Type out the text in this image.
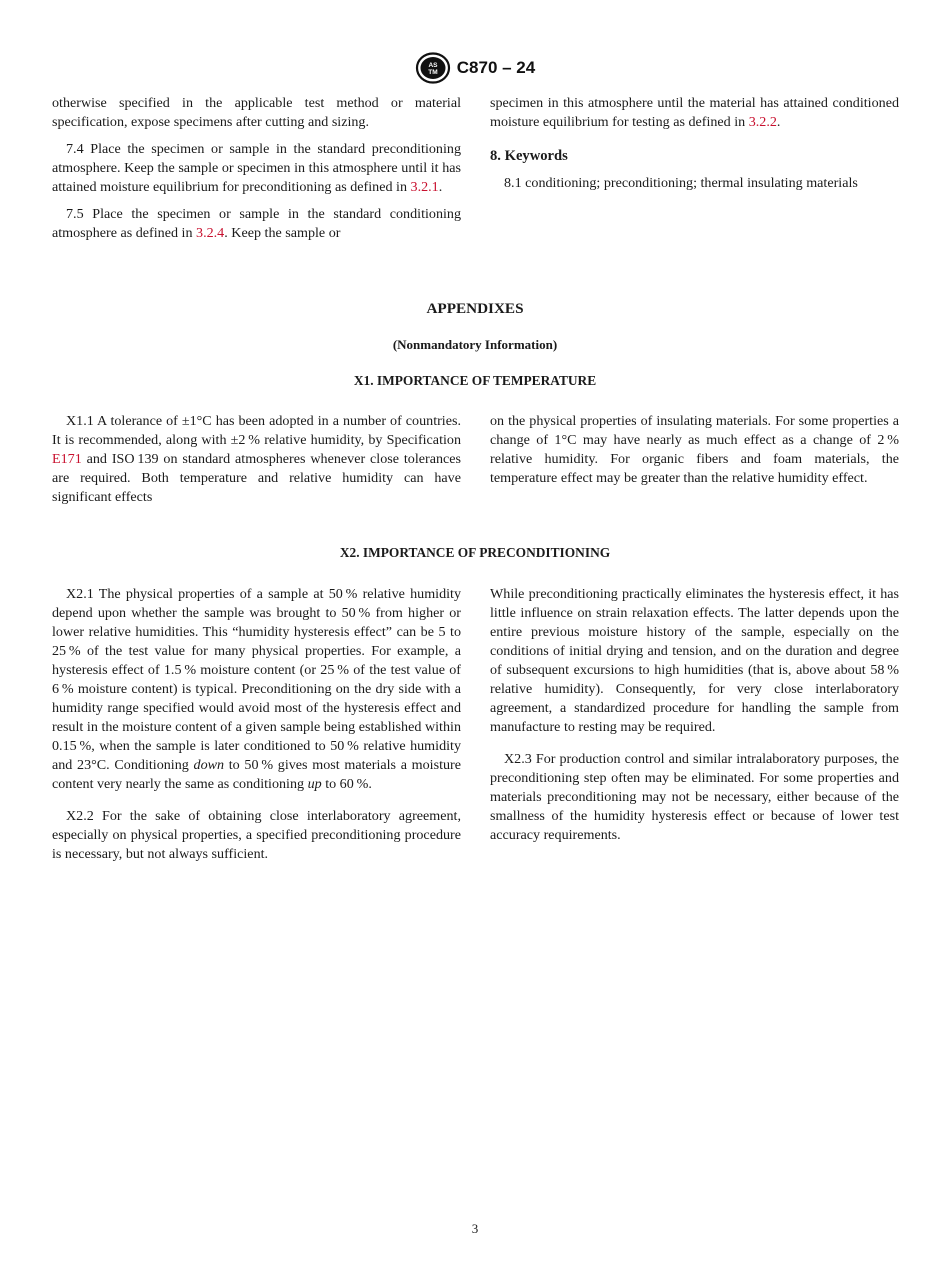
AS
TM C870 – 24

otherwise specified in the applicable test method or material specification, expose specimens after cutting and sizing.

7.4 Place the specimen or sample in the standard preconditioning atmosphere. Keep the sample or specimen in this atmosphere until it has attained moisture equilibrium for preconditioning as defined in 3.2.1.

7.5 Place the specimen or sample in the standard conditioning atmosphere as defined in 3.2.4. Keep the sample or

specimen in this atmosphere until the material has attained conditioned moisture equilibrium for testing as defined in 3.2.2.

8. Keywords

8.1 conditioning; preconditioning; thermal insulating materials

APPENDIXES
(Nonmandatory Information)
X1. IMPORTANCE OF TEMPERATURE

X1.1 A tolerance of ±1°C has been adopted in a number of countries. It is recommended, along with ±2 % relative humidity, by Specification E171 and ISO 139 on standard atmospheres whenever close tolerances are required. Both temperature and relative humidity can have significant effects

on the physical properties of insulating materials. For some properties a change of 1°C may have nearly as much effect as a change of 2 % relative humidity. For organic fibers and foam materials, the temperature effect may be greater than the relative humidity effect.

X2. IMPORTANCE OF PRECONDITIONING

X2.1 The physical properties of a sample at 50 % relative humidity depend upon whether the sample was brought to 50 % from higher or lower relative humidities. This “humidity hysteresis effect” can be 5 to 25 % of the test value for many physical properties. For example, a hysteresis effect of 1.5 % moisture content (or 25 % of the test value of 6 % moisture content) is typical. Preconditioning on the dry side with a humidity range specified would avoid most of the hysteresis effect and result in the moisture content of a given sample being established within 0.15 %, when the sample is later conditioned to 50 % relative humidity and 23°C. Conditioning down to 50 % gives most materials a moisture content very nearly the same as conditioning up to 60 %.

X2.2 For the sake of obtaining close interlaboratory agreement, especially on physical properties, a specified preconditioning procedure is necessary, but not always sufficient.

While preconditioning practically eliminates the hysteresis effect, it has little influence on strain relaxation effects. The latter depends upon the entire previous moisture history of the sample, especially on the conditions of initial drying and tension, and on the duration and degree of subsequent excursions to high humidities (that is, above about 58 % relative humidity). Consequently, for very close interlaboratory agreement, a standardized procedure for handling the sample from manufacture to resting may be required.

X2.3 For production control and similar intralaboratory purposes, the preconditioning step often may be eliminated. For some properties and materials preconditioning may not be necessary, either because of the smallness of the humidity hysteresis effect or because of lower test accuracy requirements.

3
